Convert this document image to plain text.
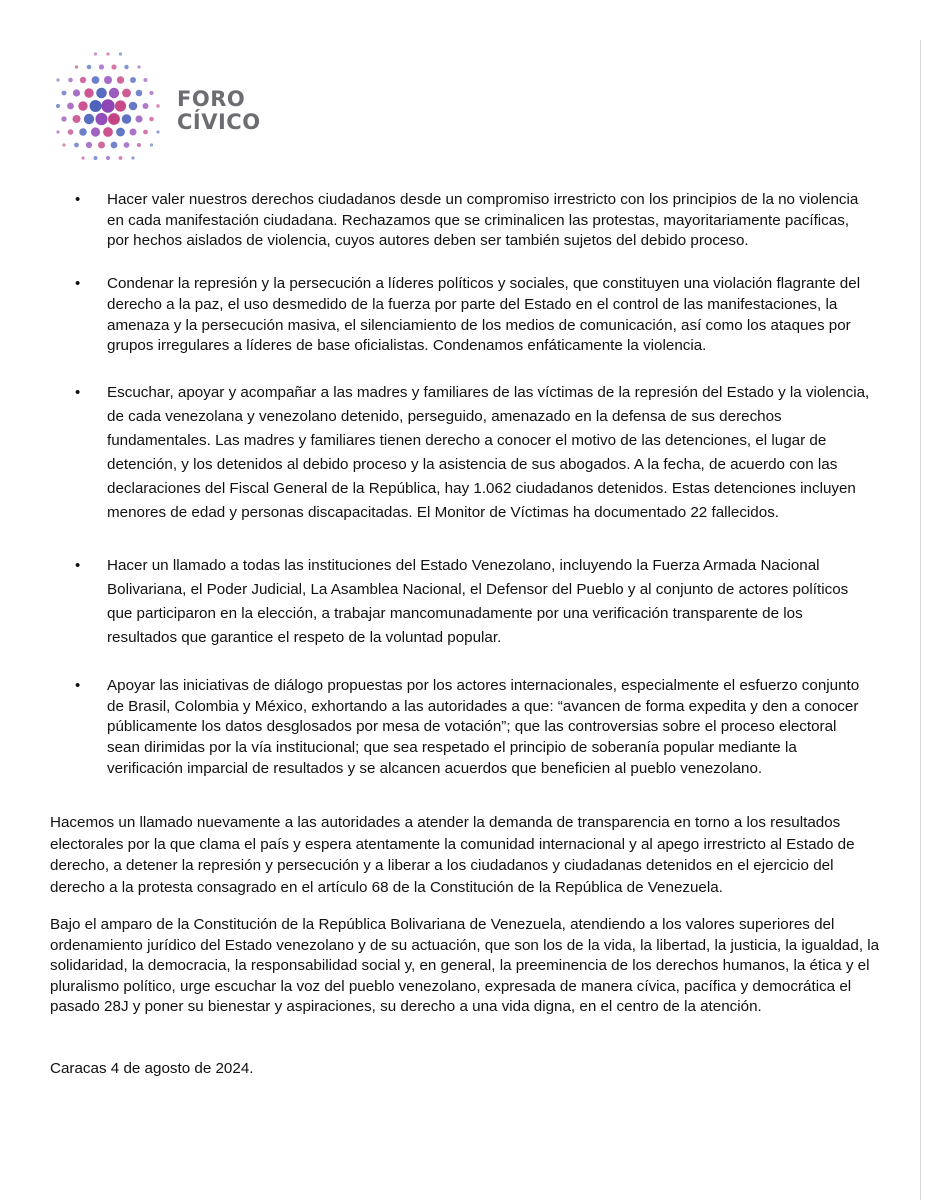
FORO
CÍVICO
• Hacer valer nuestros derechos ciudadanos desde un compromiso irrestricto con los principios de la no violencia en cada manifestación ciudadana. Rechazamos que se criminalicen las protestas, mayoritariamente pacíficas, por hechos aislados de violencia, cuyos autores deben ser también sujetos del debido proceso.
• Condenar la represión y la persecución a líderes políticos y sociales, que constituyen una violación flagrante del derecho a la paz, el uso desmedido de la fuerza por parte del Estado en el control de las manifestaciones, la amenaza y la persecución masiva, el silenciamiento de los medios de comunicación, así como los ataques por grupos irregulares a líderes de base oficialistas. Condenamos enfáticamente la violencia.
• Escuchar, apoyar y acompañar a las madres y familiares de las víctimas de la represión del Estado y la violencia, de cada venezolana y venezolano detenido, perseguido, amenazado en la defensa de sus derechos fundamentales. Las madres y familiares tienen derecho a conocer el motivo de las detenciones, el lugar de detención, y los detenidos al debido proceso y la asistencia de sus abogados. A la fecha, de acuerdo con las declaraciones del Fiscal General de la República, hay 1.062 ciudadanos detenidos. Estas detenciones incluyen menores de edad y personas discapacitadas. El Monitor de Víctimas ha documentado 22 fallecidos.
• Hacer un llamado a todas las instituciones del Estado Venezolano, incluyendo la Fuerza Armada Nacional Bolivariana, el Poder Judicial, La Asamblea Nacional, el Defensor del Pueblo y al conjunto de actores políticos que participaron en la elección, a trabajar mancomunadamente por una verificación transparente de los resultados que garantice el respeto de la voluntad popular.
• Apoyar las iniciativas de diálogo propuestas por los actores internacionales, especialmente el esfuerzo conjunto de Brasil, Colombia y México, exhortando a las autoridades a que: “avancen de forma expedita y den a conocer públicamente los datos desglosados por mesa de votación”; que las controversias sobre el proceso electoral sean dirimidas por la vía institucional; que sea respetado el principio de soberanía popular mediante la verificación imparcial de resultados y se alcancen acuerdos que beneficien al pueblo venezolano.

Hacemos un llamado nuevamente a las autoridades a atender la demanda de transparencia en torno a los resultados electorales por la que clama el país y espera atentamente la comunidad internacional y al apego irrestricto al Estado de derecho, a detener la represión y persecución y a liberar a los ciudadanos y ciudadanas detenidos en el ejercicio del derecho a la protesta consagrado en el artículo 68 de la Constitución de la República de Venezuela.

Bajo el amparo de la Constitución de la República Bolivariana de Venezuela, atendiendo a los valores superiores del ordenamiento jurídico del Estado venezolano y de su actuación, que son los de la vida, la libertad, la justicia, la igualdad, la solidaridad, la democracia, la responsabilidad social y, en general, la preeminencia de los derechos humanos, la ética y el pluralismo político, urge escuchar la voz del pueblo venezolano, expresada de manera cívica, pacífica y democrática el pasado 28J y poner su bienestar y aspiraciones, su derecho a una vida digna, en el centro de la atención.

Caracas 4 de agosto de 2024.
